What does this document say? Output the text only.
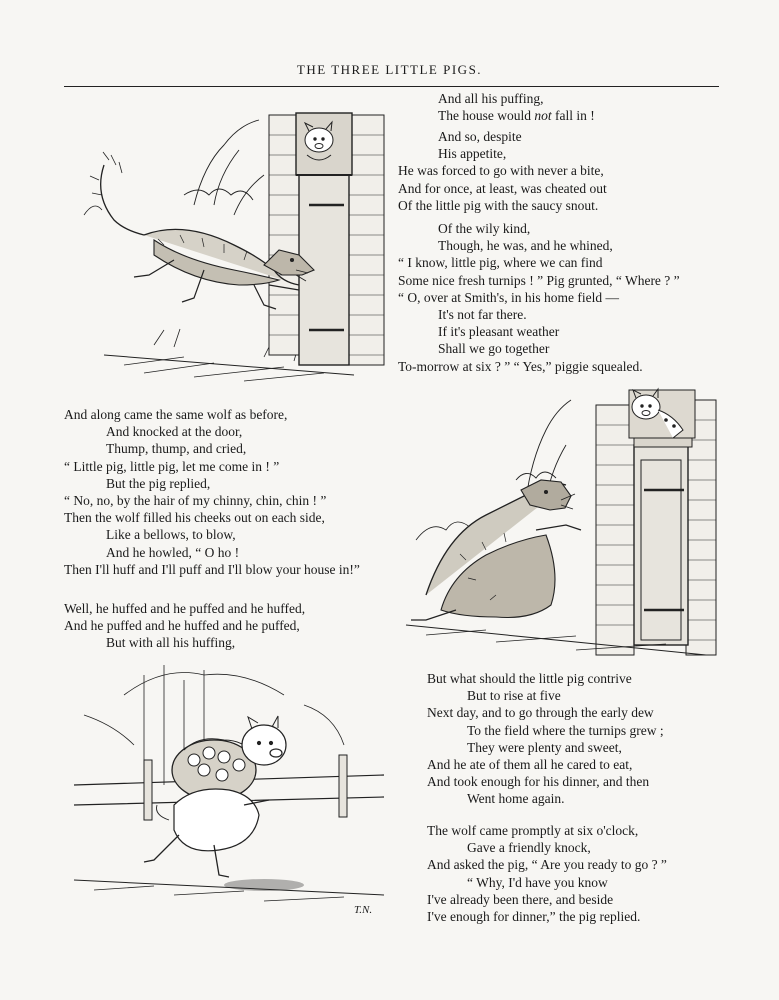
THE THREE LITTLE PIGS.
And all his puffing,
The house would not fall in !
And so, despite
His appetite,
He was forced to go with never a bite,
And for once, at least, was cheated out
Of the little pig with the saucy snout.
Of the wily kind,
Though, he was, and he whined,
“ I know, little pig, where we can find
Some nice fresh turnips ! ” Pig grunted, “ Where ? ”
“ O, over at Smith's, in his home field —
It's not far there.
If it's pleasant weather
Shall we go together
To-morrow at six ? ” “ Yes,” piggie squealed.
And along came the same wolf as before,
And knocked at the door,
Thump, thump, and cried,
“ Little pig, little pig, let me come in ! ”
But the pig replied,
“ No, no, by the hair of my chinny, chin, chin ! ”
Then the wolf filled his cheeks out on each side,
Like a bellows, to blow,
And he howled, “ O ho !
Then I'll huff and I'll puff and I'll blow your house in!”
Well, he huffed and he puffed and he huffed,
And he puffed and he huffed and he puffed,
But with all his huffing,
But what should the little pig contrive
But to rise at five
Next day, and to go through the early dew
To the field where the turnips grew ;
They were plenty and sweet,
And he ate of them all he cared to eat,
And took enough for his dinner, and then
Went home again.
The wolf came promptly at six o'clock,
Gave a friendly knock,
And asked the pig, “ Are you ready to go ? ”
“ Why, I'd have you know
I've already been there, and beside
I've enough for dinner,” the pig replied.
T.N.
